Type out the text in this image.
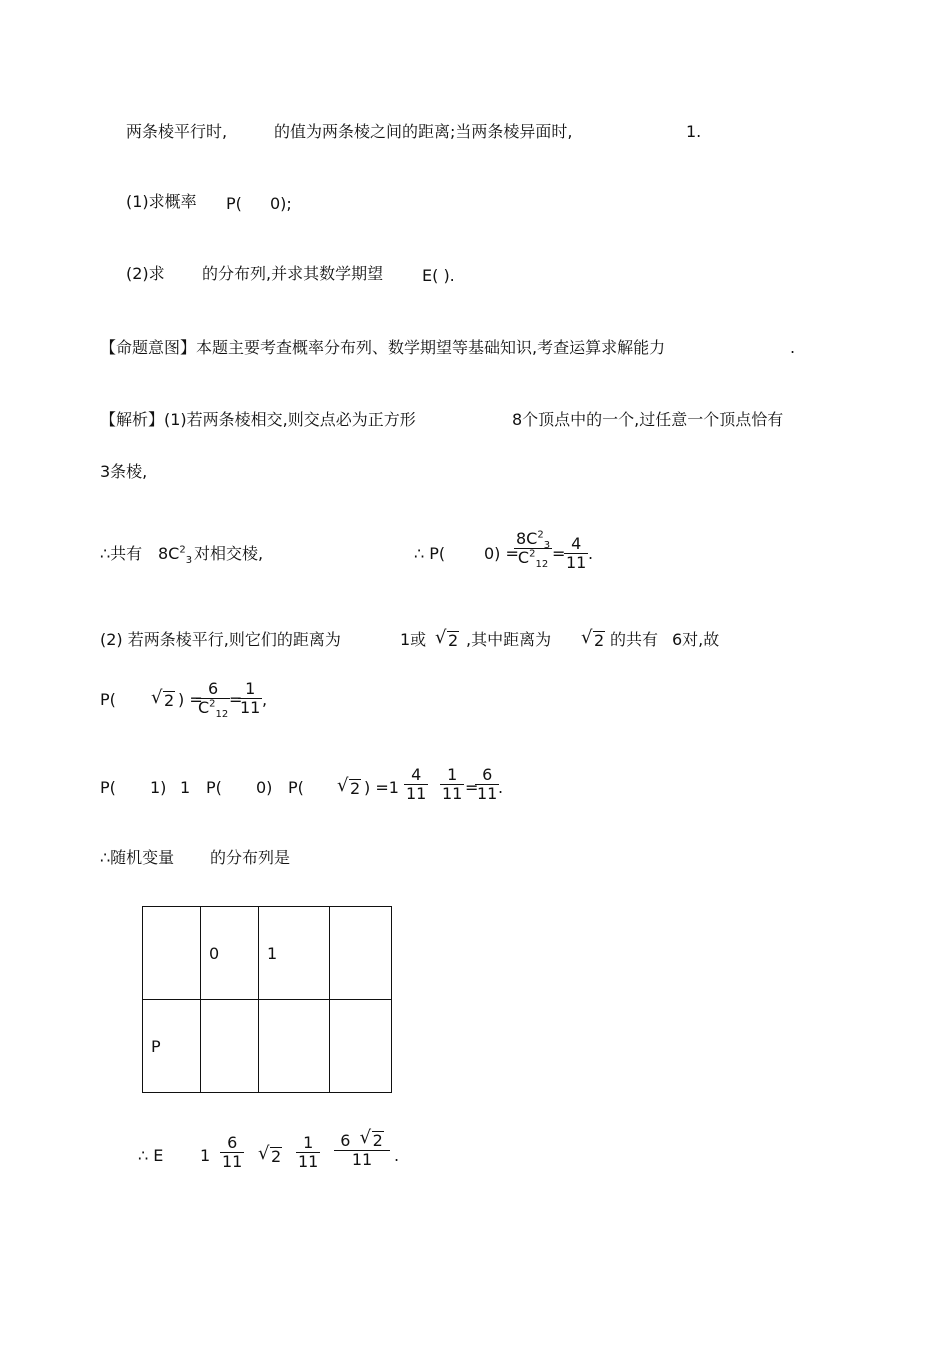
两条棱平行时,	的值为两条棱之间的距离;当两条棱异面时,	1.
(1)求概率 P( 0);
(2)求 的分布列,并求其数学期望 E( ).
【命题意图】本题主要考查概率分布列、数学期望等基础知识,考查运算求解能力	.
【解析】(1)若两条棱相交,则交点必为正方形	8个顶点中的一个,过任意一个顶点恰有
3条棱,
∴共有 $8C^2_3$ 对相交棱,	∴ P( 0) =
$\frac{8C^2_3}{C^2_{12}}$ =
$\frac{4}{11}$ .
(2) 若两条棱平行,则它们的距离为	1或	√ 2 ,其中距离为	√ 2 的共有 6对,故
P(	√ 2 ) =
$\frac{6}{C^2_{12}}$
=
$\frac{1}{11}$ ,
P( 1) 1 P( 0) P(	√ 2 ) $=1 \frac{4}{11} \frac{1}{11}$ =
$\frac{6}{11}$
.
∴随机变量 的分布列是
	0	1	
P			
∴ E $1 \frac{6}{11}$	√ $2 \frac{1}{11} \frac{6 √ 2}{11}$ .
